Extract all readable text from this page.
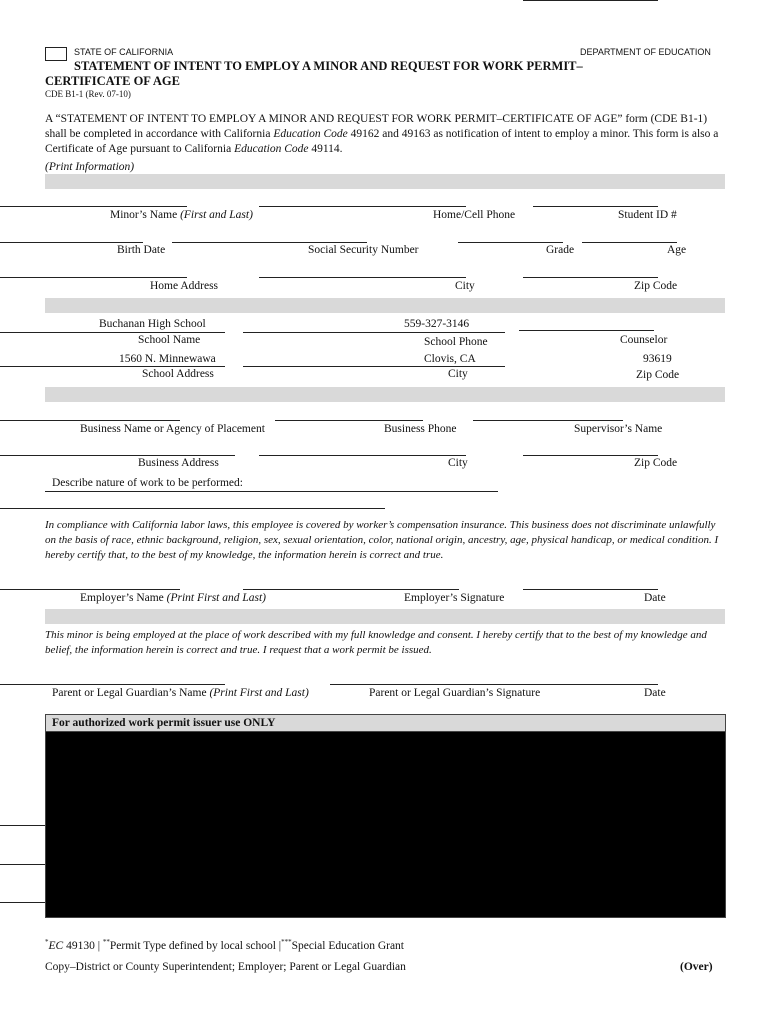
STATE OF CALIFORNIA	DEPARTMENT OF EDUCATION
STATEMENT OF INTENT TO EMPLOY A MINOR AND REQUEST FOR WORK PERMIT–
CERTIFICATE OF AGE
CDE B1-1 (Rev. 07-10)
A “STATEMENT OF INTENT TO EMPLOY A MINOR AND REQUEST FOR WORK PERMIT–CERTIFICATE OF AGE” form (CDE B1-1) shall be completed in accordance with California Education Code 49162 and 49163 as notification of intent to employ a minor. This form is also a Certificate of Age pursuant to California Education Code 49114.
(Print Information)
Minor’s Name (First and Last)	Home/Cell Phone	Student ID #
Birth Date	Social Security Number	Grade	Age
Home Address	City	Zip Code
Buchanan High School	559-327-3146
School Name	School Phone	Counselor
1560 N. Minnewawa	Clovis, CA	93619
School Address	City	Zip Code
Business Name or Agency of Placement	Business Phone	Supervisor’s Name
Business Address	City	Zip Code
Describe nature of work to be performed:
In compliance with California labor laws, this employee is covered by worker’s compensation insurance. This business does not discriminate unlawfully on the basis of race, ethnic background, religion, sex, sexual orientation, color, national origin, ancestry, age, physical handicap, or medical condition. I hereby certify that, to the best of my knowledge, the information herein is correct and true.
Employer’s Name (Print First and Last)	Employer’s Signature	Date
This minor is being employed at the place of work described with my full knowledge and consent. I hereby certify that to the best of my knowledge and belief, the information herein is correct and true. I request that a work permit be issued.
Parent or Legal Guardian’s Name (Print First and Last)	Parent or Legal Guardian’s Signature	Date
For authorized work permit issuer use ONLY
*EC 49130 | **Permit Type defined by local school |***Special Education Grant
Copy–District or County Superintendent; Employer; Parent or Legal Guardian	(Over)
